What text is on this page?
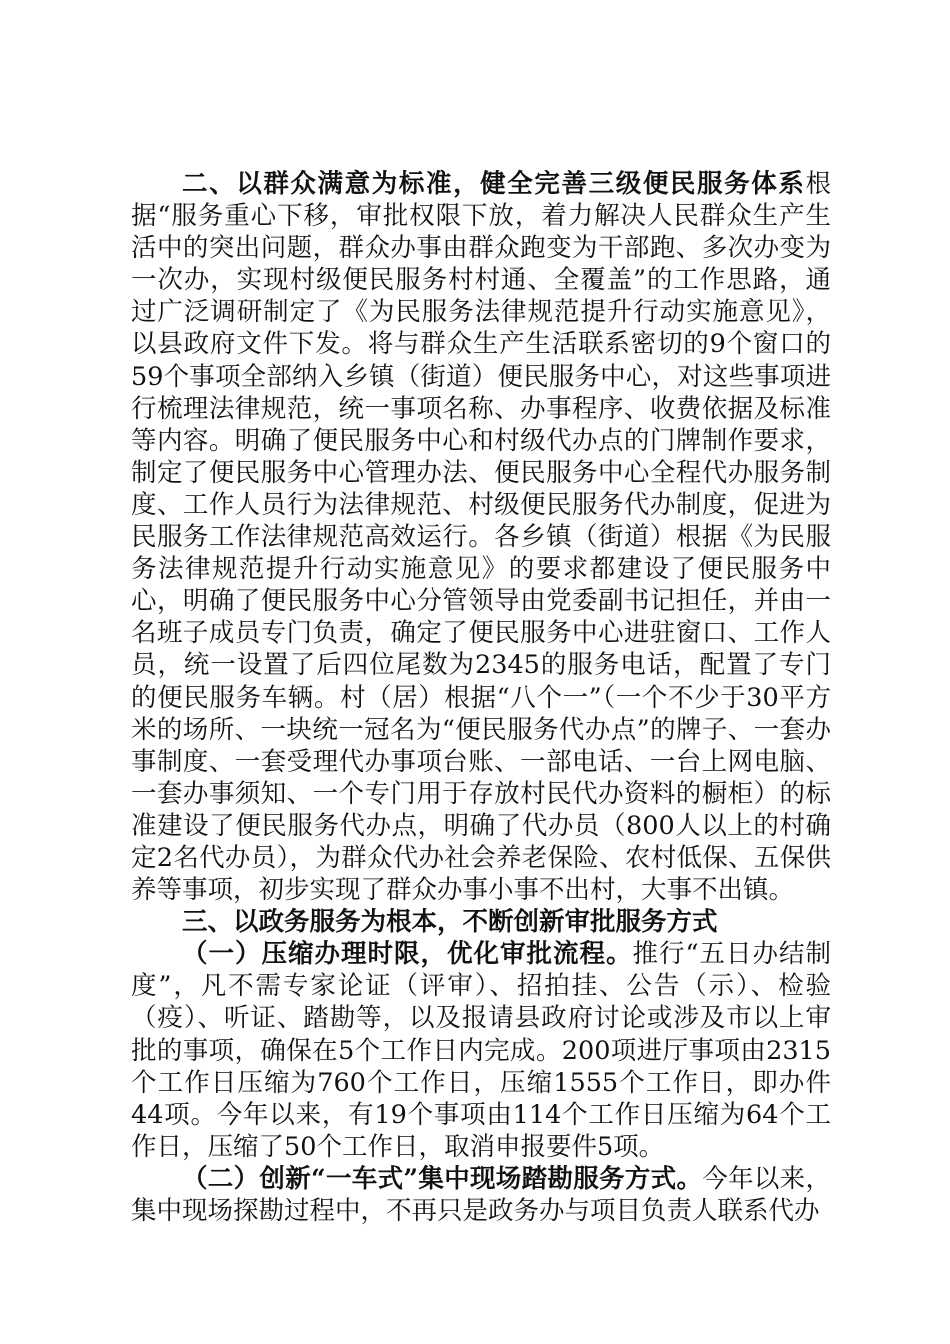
二、以群众满意为标准，健全完善三级便民服务体系根据“服务重心下移，审批权限下放，着力解决人民群众生产生活中的突出问题，群众办事由群众跑变为干部跑、多次办变为一次办，实现村级便民服务村村通、全覆盖”的工作思路，通过广泛调研制定了《为民服务法律规范提升行动实施意见》，以县政府文件下发。将与群众生产生活联系密切的9个窗口的59个事项全部纳入乡镇（街道）便民服务中心，对这些事项进行梳理法律规范，统一事项名称、办事程序、收费依据及标准等内容。明确了便民服务中心和村级代办点的门牌制作要求，制定了便民服务中心管理办法、便民服务中心全程代办服务制度、工作人员行为法律规范、村级便民服务代办制度，促进为民服务工作法律规范高效运行。各乡镇（街道）根据《为民服务法律规范提升行动实施意见》的要求都建设了便民服务中心，明确了便民服务中心分管领导由党委副书记担任，并由一名班子成员专门负责，确定了便民服务中心进驻窗口、工作人员，统一设置了后四位尾数为2345的服务电话，配置了专门的便民服务车辆。村（居）根据“八个一”（一个不少于30平方米的场所、一块统一冠名为“便民服务代办点”的牌子、一套办事制度、一套受理代办事项台账、一部电话、一台上网电脑、一套办事须知、一个专门用于存放村民代办资料的橱柜）的标准建设了便民服务代办点，明确了代办员（800人以上的村确定2名代办员），为群众代办社会养老保险、农村低保、五保供养等事项，初步实现了群众办事小事不出村，大事不出镇。

三、以政务服务为根本，不断创新审批服务方式

（一）压缩办理时限，优化审批流程。推行“五日办结制度”，凡不需专家论证（评审）、招拍挂、公告（示）、检验（疫）、听证、踏勘等，以及报请县政府讨论或涉及市以上审批的事项，确保在5个工作日内完成。200项进厅事项由2315个工作日压缩为760个工作日，压缩1555个工作日，即办件44项。今年以来，有19个事项由114个工作日压缩为64个工作日，压缩了50个工作日，取消申报要件5项。

（二）创新“一车式”集中现场踏勘服务方式。今年以来，集中现场探勘过程中，不再只是政务办与项目负责人联系代办
